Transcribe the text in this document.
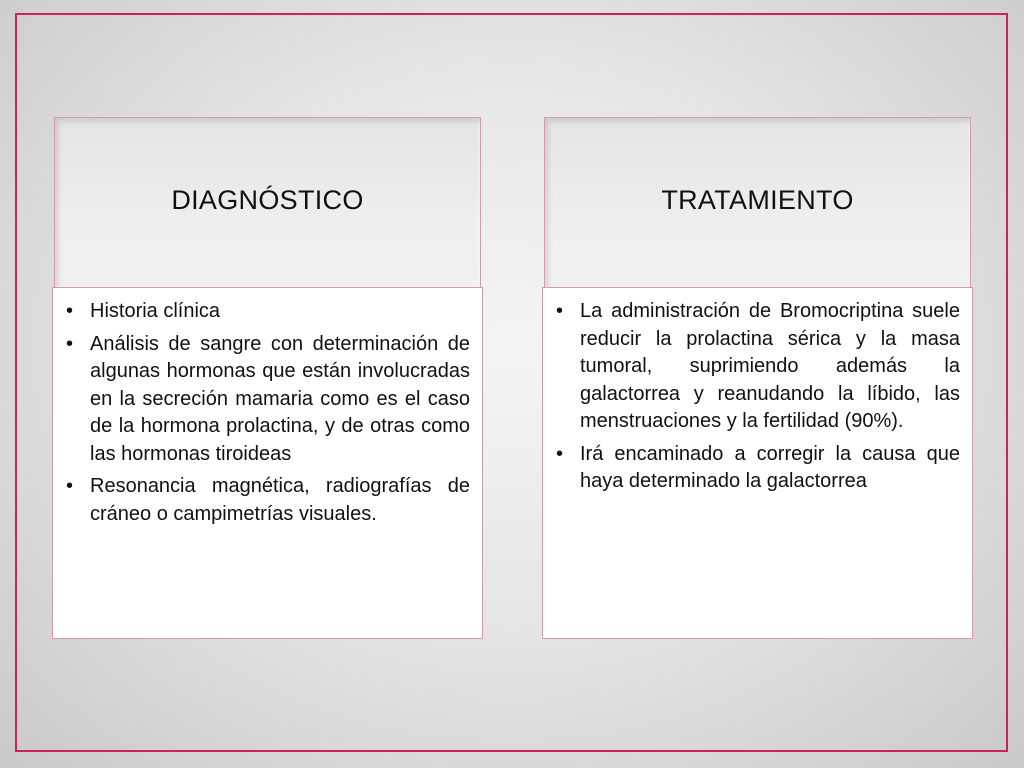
DIAGNÓSTICO
• Historia clínica
• Análisis de sangre con determinación de algunas hormonas que están involucradas en la secreción mamaria como es el caso de la hormona prolactina, y de otras como las hormonas tiroideas
• Resonancia magnética, radiografías de cráneo o campimetrías visuales.
TRATAMIENTO
• La administración de Bromocriptina suele reducir la prolactina sérica y la masa tumoral, suprimiendo además la galactorrea y reanudando la líbido, las menstruaciones y la fertilidad (90%).
• Irá encaminado a corregir la causa que haya determinado la galactorrea
